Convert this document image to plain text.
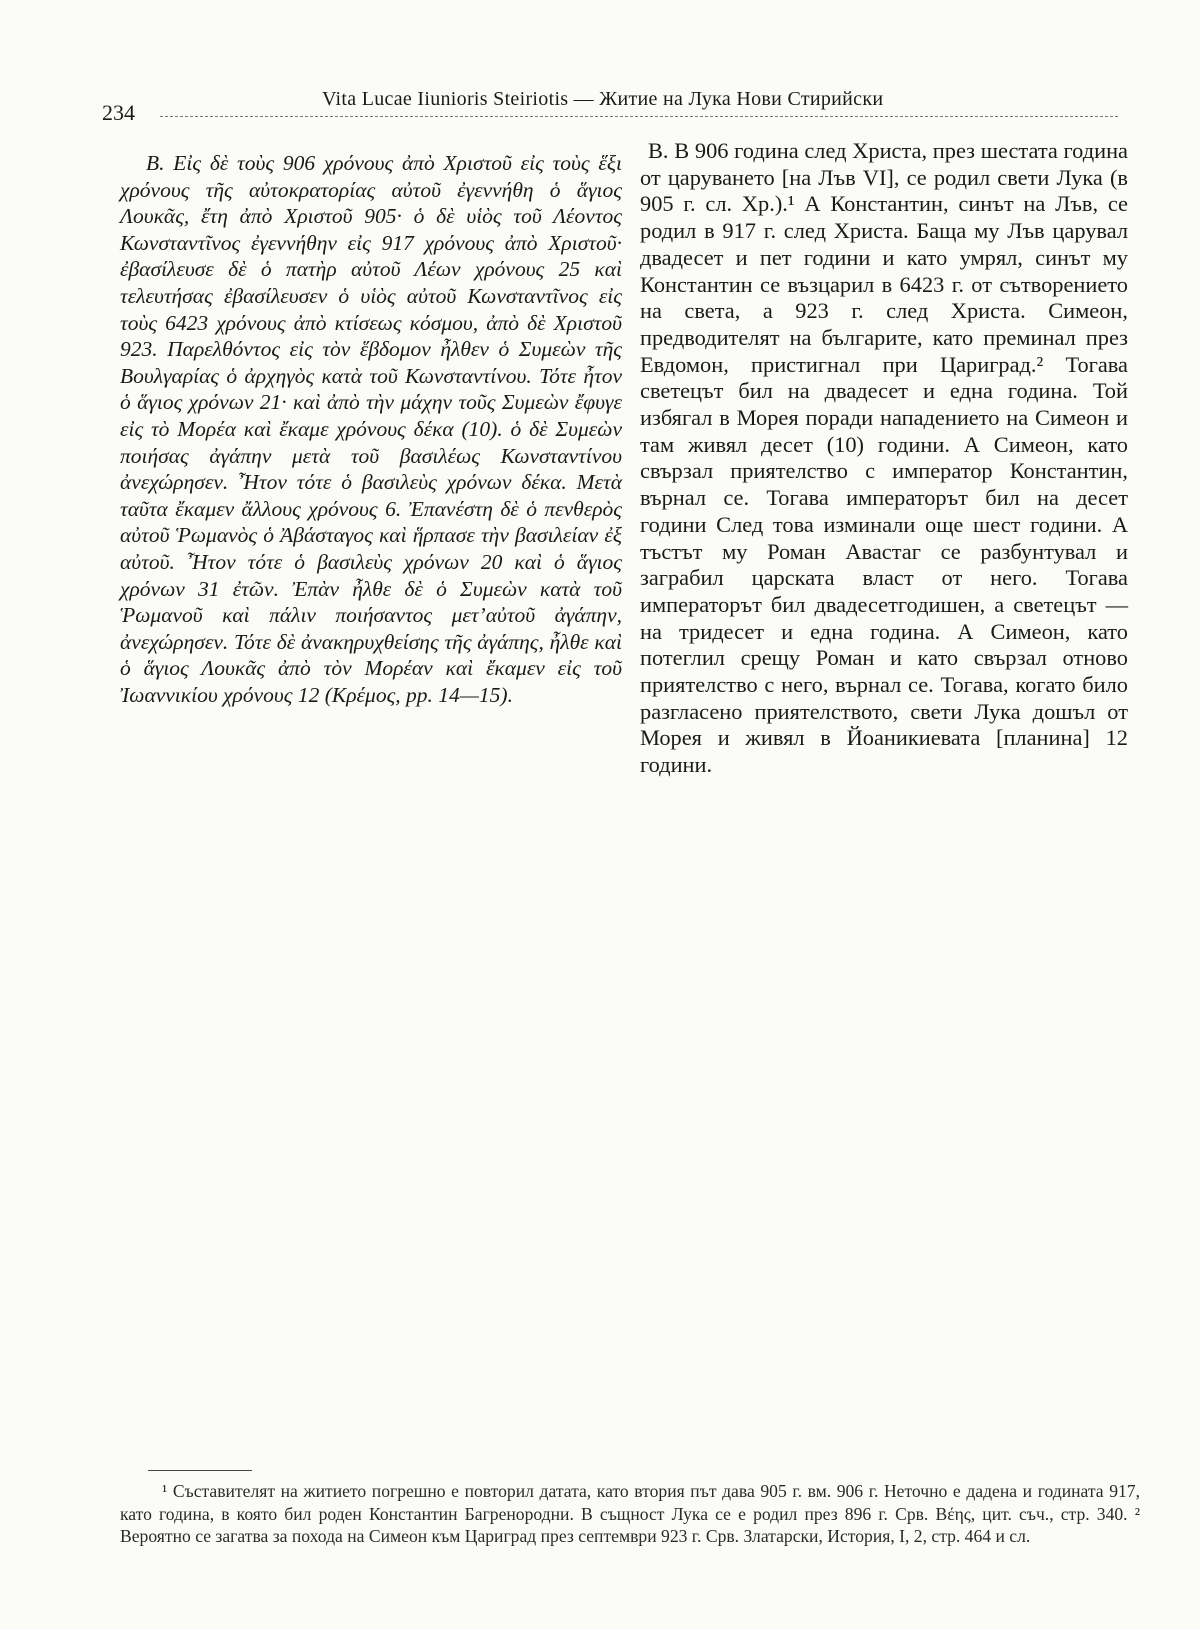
234
Vita Lucae Iiunioris Steiriotis — Житие на Лука Нови Стирийски

Β. Εἰς δὲ τοὺς 906 χρόνους ἀπὸ Χριστοῦ εἰς τοὺς ἕξι χρόνους τῆς αὐτοκρατορίας αὐτοῦ ἐγεννήθη ὁ ἅγιος Λουκᾶς, ἔτη ἀπὸ Χριστοῦ 905· ὁ δὲ υἱὸς τοῦ Λέοντος Κωνσταντῖνος ἐγεννήθην εἰς 917 χρόνους ἀπὸ Χριστοῦ· ἐβασίλευσε δὲ ὁ πατὴρ αὐτοῦ Λέων χρόνους 25 καὶ τελευτήσας ἐβασίλευσεν ὁ υἱὸς αὐτοῦ Κωνσταντῖνος εἰς τοὺς 6423 χρόνους ἀπὸ κτίσεως κόσμου, ἀπὸ δὲ Χριστοῦ 923. Παρελθόντος εἰς τὸν ἕβδομον ἦλθεν ὁ Συμεὼν τῆς Βουλγαρίας ὁ ἀρχηγὸς κατὰ τοῦ Κωνσταντίνου. Τότε ἦτον ὁ ἅγιος χρόνων 21· καὶ ἀπὸ τὴν μάχην τοῦς Συμεὼν ἔφυγε εἰς τὸ Μορέα καὶ ἔκαμε χρόνους δέκα (10). ὁ δὲ Συμεὼν ποιήσας ἀγάπην μετὰ τοῦ βασιλέως Κωνσταντίνου ἀνεχώρησεν. Ἦτον τότε ὁ βασιλεὺς χρόνων δέκα. Μετὰ ταῦτα ἔκαμεν ἄλλους χρόνους 6. Ἐπανέστη δὲ ὁ πενθερὸς αὐτοῦ Ῥωμανὸς ὁ Ἀβάσταγος καὶ ἥρπασε τὴν βασιλείαν ἐξ αὐτοῦ. Ἦτον τότε ὁ βασιλεὺς χρόνων 20 καὶ ὁ ἅγιος χρόνων 31 ἐτῶν. Ἐπὰν ἦλθε δὲ ὁ Συμεὼν κατὰ τοῦ Ῥωμανοῦ καὶ πάλιν ποιήσαντος μετ’αὐτοῦ ἀγάπην, ἀνεχώρησεν. Τότε δὲ ἀνακηρυχθείσης τῆς ἀγάπης, ἦλθε καὶ ὁ ἅγιος Λουκᾶς ἀπὸ τὸν Μορέαν καὶ ἔκαμεν εἰς τοῦ Ἰωαννικίου χρόνους 12 (Κρέμος, pp. 14—15).

B. В 906 година след Христа, през шестата година от царуването [на Лъв VI], се родил свети Лука (в 905 г. сл. Хр.).¹ А Константин, синът на Лъв, се родил в 917 г. след Христа. Баща му Лъв царувал двадесет и пет години и като умрял, синът му Константин се възцарил в 6423 г. от сътворението на света, а 923 г. след Христа. Симеон, предводителят на българите, като преминал през Евдомон, пристигнал при Цариград.² Тогава светецът бил на двадесет и една година. Той избягал в Морея поради нападението на Симеон и там живял десет (10) години. А Симеон, като свързал приятелство с император Константин, върнал се. Тогава императорът бил на десет години След това изминали още шест години. А тъстът му Роман Авастаг се разбунтувал и заграбил царската власт от него. Тогава императорът бил двадесетгодишен, а светецът — на тридесет и една година. А Симеон, като потеглил срещу Роман и като свързал отново приятелство с него, върнал се. Тогава, когато било разгласено приятелството, свети Лука дошъл от Морея и живял в Йоаникиевата [планина] 12 години.

¹ Съставителят на житието погрешно е повторил датата, като втория път дава 905 г. вм. 906 г. Неточно е дадена и годината 917, като година, в която бил роден Константин Багренородни. В същност Лука се е родил през 896 г. Срв. Βέης, цит. съч., стр. 340. ² Вероятно се загатва за похода на Симеон към Цариград през септември 923 г. Срв. Златарски, История, I, 2, стр. 464 и сл.
